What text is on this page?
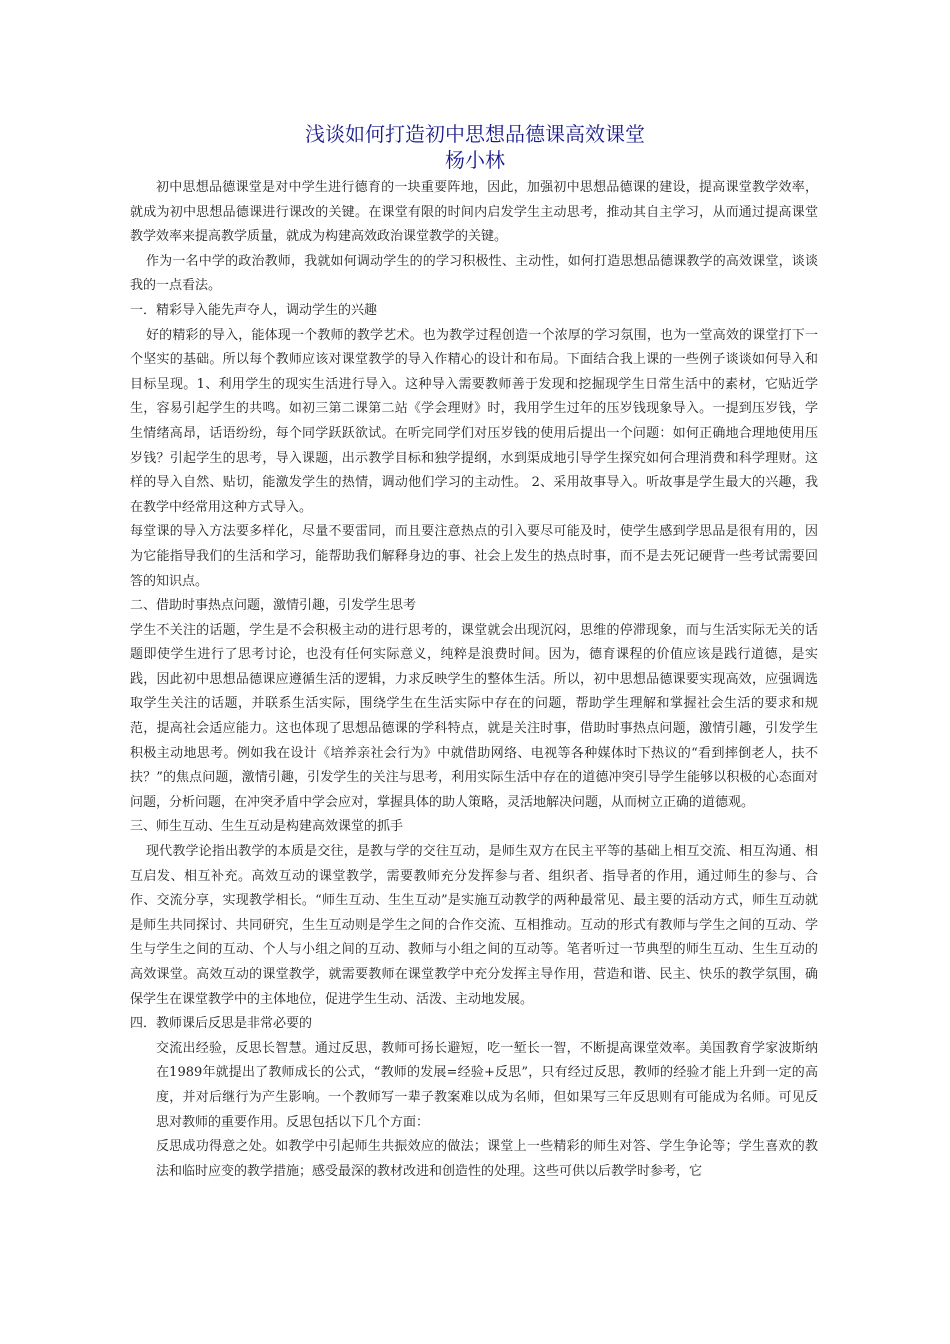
浅谈如何打造初中思想品德课高效课堂
杨小林

初中思想品德课堂是对中学生进行德育的一块重要阵地，因此，加强初中思想品德课的建设，提高课堂教学效率，就成为初中思想品德课进行课改的关键。在课堂有限的时间内启发学生主动思考，推动其自主学习，从而通过提高课堂教学效率来提高教学质量，就成为构建高效政治课堂教学的关键。

作为一名中学的政治教师，我就如何调动学生的的学习积极性、主动性，如何打造思想品德课教学的高效课堂，谈谈我的一点看法。

一．精彩导入能先声夺人，调动学生的兴趣

好的精彩的导入，能体现一个教师的教学艺术。也为教学过程创造一个浓厚的学习氛围，也为一堂高效的课堂打下一个坚实的基础。所以每个教师应该对课堂教学的导入作精心的设计和布局。下面结合我上课的一些例子谈谈如何导入和目标呈现。1、利用学生的现实生活进行导入。这种导入需要教师善于发现和挖掘现学生日常生活中的素材，它贴近学生，容易引起学生的共鸣。如初三第二课第二站《学会理财》时，我用学生过年的压岁钱现象导入。一提到压岁钱，学生情绪高昂，话语纷纷，每个同学跃跃欲试。在听完同学们对压岁钱的使用后提出一个问题：如何正确地合理地使用压岁钱？引起学生的思考，导入课题，出示教学目标和独学提纲，水到渠成地引导学生探究如何合理消费和科学理财。这样的导入自然、贴切，能激发学生的热情，调动他们学习的主动性。 2、采用故事导入。听故事是学生最大的兴趣，我在教学中经常用这种方式导入。

每堂课的导入方法要多样化，尽量不要雷同，而且要注意热点的引入要尽可能及时，使学生感到学思品是很有用的，因为它能指导我们的生活和学习，能帮助我们解释身边的事、社会上发生的热点时事，而不是去死记硬背一些考试需要回答的知识点。

二、借助时事热点问题，激情引趣，引发学生思考

学生不关注的话题，学生是不会积极主动的进行思考的，课堂就会出现沉闷，思维的停滞现象，而与生活实际无关的话题即使学生进行了思考讨论，也没有任何实际意义，纯粹是浪费时间。因为，德育课程的价值应该是践行道德，是实践，因此初中思想品德课应遵循生活的逻辑，力求反映学生的整体生活。所以，初中思想品德课要实现高效，应强调选取学生关注的话题，并联系生活实际，围绕学生在生活实际中存在的问题，帮助学生理解和掌握社会生活的要求和规范，提高社会适应能力。这也体现了思想品德课的学科特点，就是关注时事，借助时事热点问题，激情引趣，引发学生积极主动地思考。例如我在设计《培养亲社会行为》中就借助网络、电视等各种媒体时下热议的“看到摔倒老人，扶不扶？”的焦点问题，激情引趣，引发学生的关注与思考，利用实际生活中存在的道德冲突引导学生能够以积极的心态面对问题，分析问题，在冲突矛盾中学会应对，掌握具体的助人策略，灵活地解决问题，从而树立正确的道德观。

三、师生互动、生生互动是构建高效课堂的抓手

现代教学论指出教学的本质是交往，是教与学的交往互动，是师生双方在民主平等的基础上相互交流、相互沟通、相互启发、相互补充。高效互动的课堂教学，需要教师充分发挥参与者、组织者、指导者的作用，通过师生的参与、合作、交流分享，实现教学相长。“师生互动、生生互动”是实施互动教学的两种最常见、最主要的活动方式，师生互动就是师生共同探讨、共同研究，生生互动则是学生之间的合作交流、互相推动。互动的形式有教师与学生之间的互动、学生与学生之间的互动、个人与小组之间的互动、教师与小组之间的互动等。笔者听过一节典型的师生互动、生生互动的高效课堂。高效互动的课堂教学，就需要教师在课堂教学中充分发挥主导作用，营造和谐、民主、快乐的教学氛围，确保学生在课堂教学中的主体地位，促进学生生动、活泼、主动地发展。

四．教师课后反思是非常必要的

交流出经验，反思长智慧。通过反思，教师可扬长避短，吃一堑长一智，不断提高课堂效率。美国教育学家波斯纳在1989年就提出了教师成长的公式，“教师的发展=经验+反思”，只有经过反思，教师的经验才能上升到一定的高度，并对后继行为产生影响。一个教师写一辈子教案难以成为名师，但如果写三年反思则有可能成为名师。可见反思对教师的重要作用。反思包括以下几个方面：

反思成功得意之处。如教学中引起师生共振效应的做法；课堂上一些精彩的师生对答、学生争论等；学生喜欢的教法和临时应变的教学措施；感受最深的教材改进和创造性的处理。这些可供以后教学时参考，它
